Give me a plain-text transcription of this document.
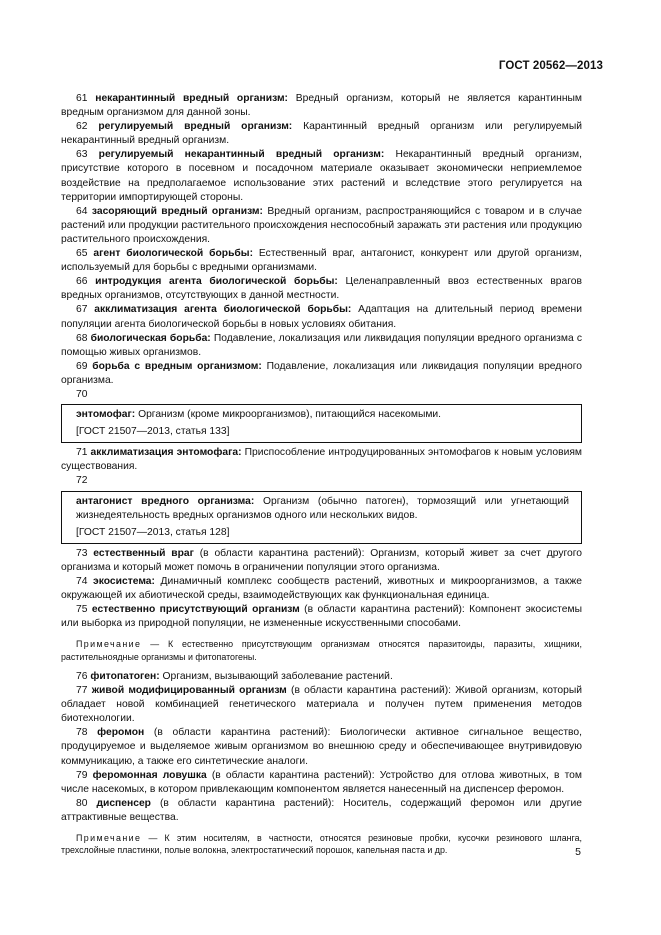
ГОСТ 20562—2013

61 некарантинный вредный организм: Вредный организм, который не является карантинным вредным организмом для данной зоны.

62 регулируемый вредный организм: Карантинный вредный организм или регулируемый некарантинный вредный организм.

63 регулируемый некарантинный вредный организм: Некарантинный вредный организм, присутствие которого в посевном и посадочном материале оказывает экономически неприемлемое воздействие на предполагаемое использование этих растений и вследствие этого регулируется на территории импортирующей стороны.

64 засоряющий вредный организм: Вредный организм, распространяющийся с товаром и в случае растений или продукции растительного происхождения неспособный заражать эти растения или продукцию растительного происхождения.

65 агент биологической борьбы: Естественный враг, антагонист, конкурент или другой организм, используемый для борьбы с вредными организмами.

66 интродукция агента биологической борьбы: Целенаправленный ввоз естественных врагов вредных организмов, отсутствующих в данной местности.

67 акклиматизация агента биологической борьбы: Адаптация на длительный период времени популяции агента биологической борьбы в новых условиях обитания.

68 биологическая борьба: Подавление, локализация или ликвидация популяции вредного организма с помощью живых организмов.

69 борьба с вредным организмом: Подавление, локализация или ликвидация популяции вредного организма.

70

энтомофаг: Организм (кроме микроорганизмов), питающийся насекомыми.

[ГОСТ 21507—2013, статья 133]

71 акклиматизация энтомофага: Приспособление интродуцированных энтомофагов к новым условиям существования.

72

антагонист вредного организма: Организм (обычно патоген), тормозящий или угнетающий жизнедеятельность вредных организмов одного или нескольких видов.

[ГОСТ 21507—2013, статья 128]

73 естественный враг (в области карантина растений): Организм, который живет за счет другого организма и который может помочь в ограничении популяции этого организма.

74 экосистема: Динамичный комплекс сообществ растений, животных и микроорганизмов, а также окружающей их абиотической среды, взаимодействующих как функциональная единица.

75 естественно присутствующий организм (в области карантина растений): Компонент экосистемы или выборка из природной популяции, не измененные искусственными способами.

Примечание — К естественно присутствующим организмам относятся паразитоиды, паразиты, хищники, растительноядные организмы и фитопатогены.

76 фитопатоген: Организм, вызывающий заболевание растений.

77 живой модифицированный организм (в области карантина растений): Живой организм, который обладает новой комбинацией генетического материала и получен путем применения методов биотехнологии.

78 феромон (в области карантина растений): Биологически активное сигнальное вещество, продуцируемое и выделяемое живым организмом во внешнюю среду и обеспечивающее внутривидовую коммуникацию, а также его синтетические аналоги.

79 феромонная ловушка (в области карантина растений): Устройство для отлова животных, в том числе насекомых, в котором привлекающим компонентом является нанесенный на диспенсер феромон.

80 диспенсер (в области карантина растений): Носитель, содержащий феромон или другие аттрактивные вещества.

Примечание — К этим носителям, в частности, относятся резиновые пробки, кусочки резинового шланга, трехслойные пластинки, полые волокна, электростатический порошок, капельная паста и др.	5
